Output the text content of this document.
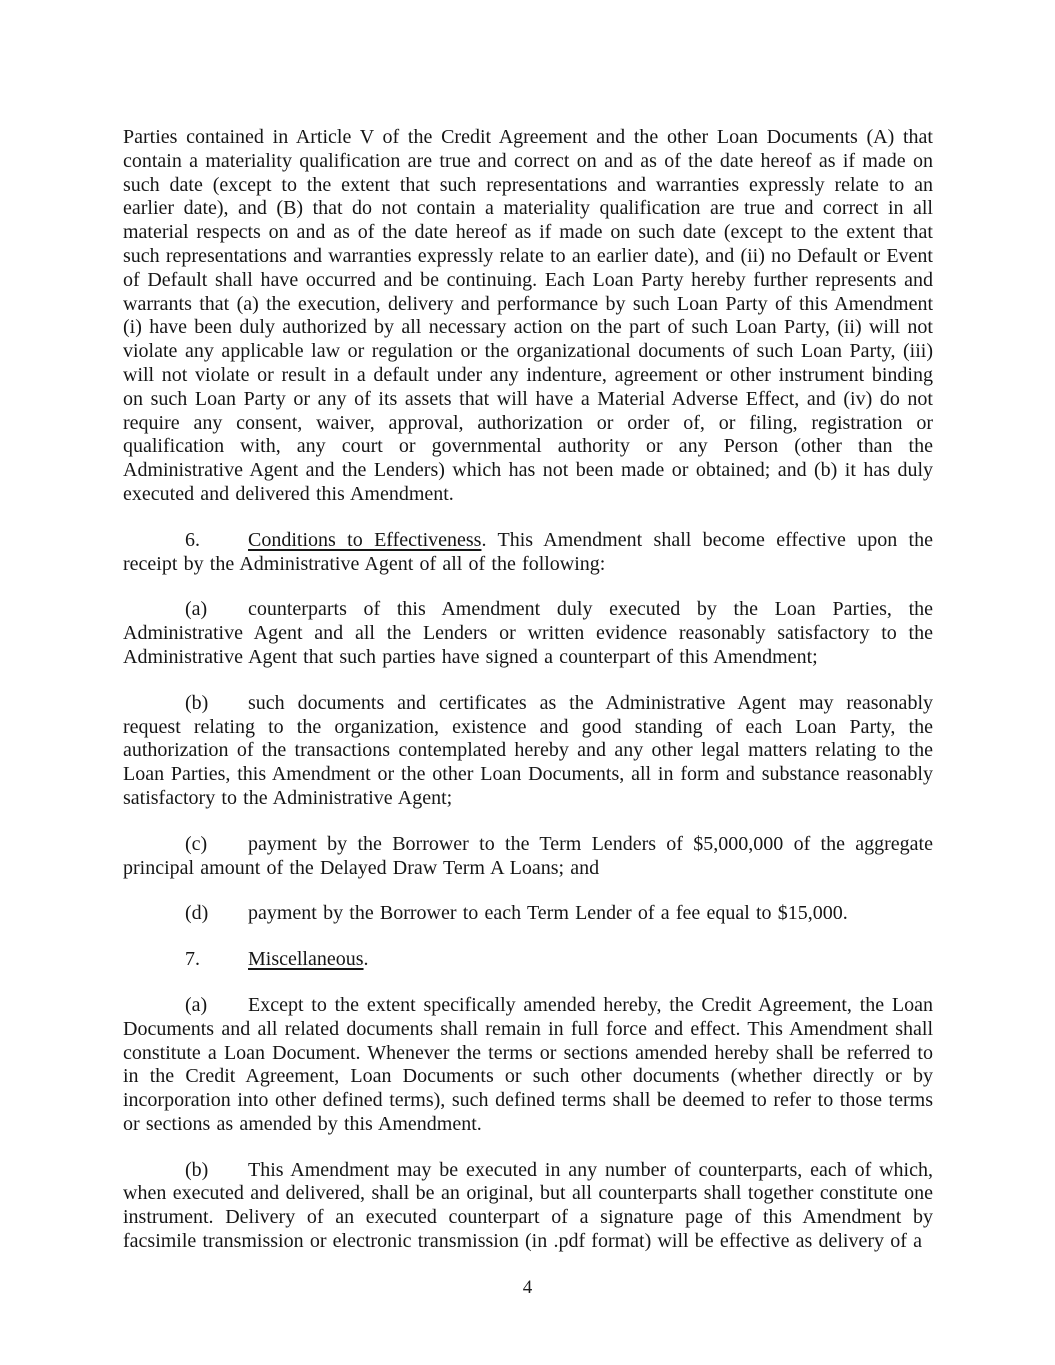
Parties contained in Article V of the Credit Agreement and the other Loan Documents (A) that contain a materiality qualification are true and correct on and as of the date hereof as if made on such date (except to the extent that such representations and warranties expressly relate to an earlier date), and (B) that do not contain a materiality qualification are true and correct in all material respects on and as of the date hereof as if made on such date (except to the extent that such representations and warranties expressly relate to an earlier date), and (ii) no Default or Event of Default shall have occurred and be continuing. Each Loan Party hereby further represents and warrants that (a) the execution, delivery and performance by such Loan Party of this Amendment (i) have been duly authorized by all necessary action on the part of such Loan Party, (ii) will not violate any applicable law or regulation or the organizational documents of such Loan Party, (iii) will not violate or result in a default under any indenture, agreement or other instrument binding on such Loan Party or any of its assets that will have a Material Adverse Effect, and (iv) do not require any consent, waiver, approval, authorization or order of, or filing, registration or qualification with, any court or governmental authority or any Person (other than the Administrative Agent and the Lenders) which has not been made or obtained; and (b) it has duly executed and delivered this Amendment.

6. Conditions to Effectiveness. This Amendment shall become effective upon the receipt by the Administrative Agent of all of the following:

(a) counterparts of this Amendment duly executed by the Loan Parties, the Administrative Agent and all the Lenders or written evidence reasonably satisfactory to the Administrative Agent that such parties have signed a counterpart of this Amendment;

(b) such documents and certificates as the Administrative Agent may reasonably request relating to the organization, existence and good standing of each Loan Party, the authorization of the transactions contemplated hereby and any other legal matters relating to the Loan Parties, this Amendment or the other Loan Documents, all in form and substance reasonably satisfactory to the Administrative Agent;

(c) payment by the Borrower to the Term Lenders of $5,000,000 of the aggregate principal amount of the Delayed Draw Term A Loans; and

(d) payment by the Borrower to each Term Lender of a fee equal to $15,000.

7. Miscellaneous.

(a) Except to the extent specifically amended hereby, the Credit Agreement, the Loan Documents and all related documents shall remain in full force and effect. This Amendment shall constitute a Loan Document. Whenever the terms or sections amended hereby shall be referred to in the Credit Agreement, Loan Documents or such other documents (whether directly or by incorporation into other defined terms), such defined terms shall be deemed to refer to those terms or sections as amended by this Amendment.

(b) This Amendment may be executed in any number of counterparts, each of which, when executed and delivered, shall be an original, but all counterparts shall together constitute one instrument. Delivery of an executed counterpart of a signature page of this Amendment by facsimile transmission or electronic transmission (in .pdf format) will be effective as delivery of a

4
